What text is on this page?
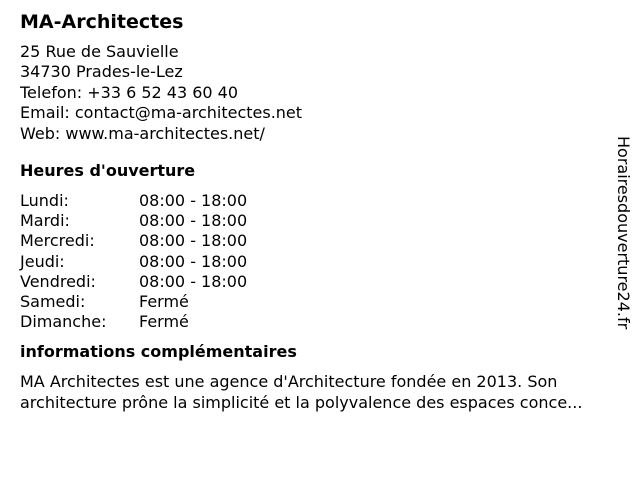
MA-Architectes
25 Rue de Sauvielle
34730 Prades-le-Lez
Telefon: +33 6 52 43 60 40
Email: contact@ma-architectes.net
Web: www.ma-architectes.net/
Heures d'ouverture
Lundi:	08:00 - 18:00
Mardi:	08:00 - 18:00
Mercredi:	08:00 - 18:00
Jeudi:	08:00 - 18:00
Vendredi:	08:00 - 18:00
Samedi:	Fermé
Dimanche:	Fermé
informations complémentaires
MA Architectes est une agence d'Architecture fondée en 2013. Son
architecture prône la simplicité et la polyvalence des espaces conce...
Horairesdouverture24.fr
